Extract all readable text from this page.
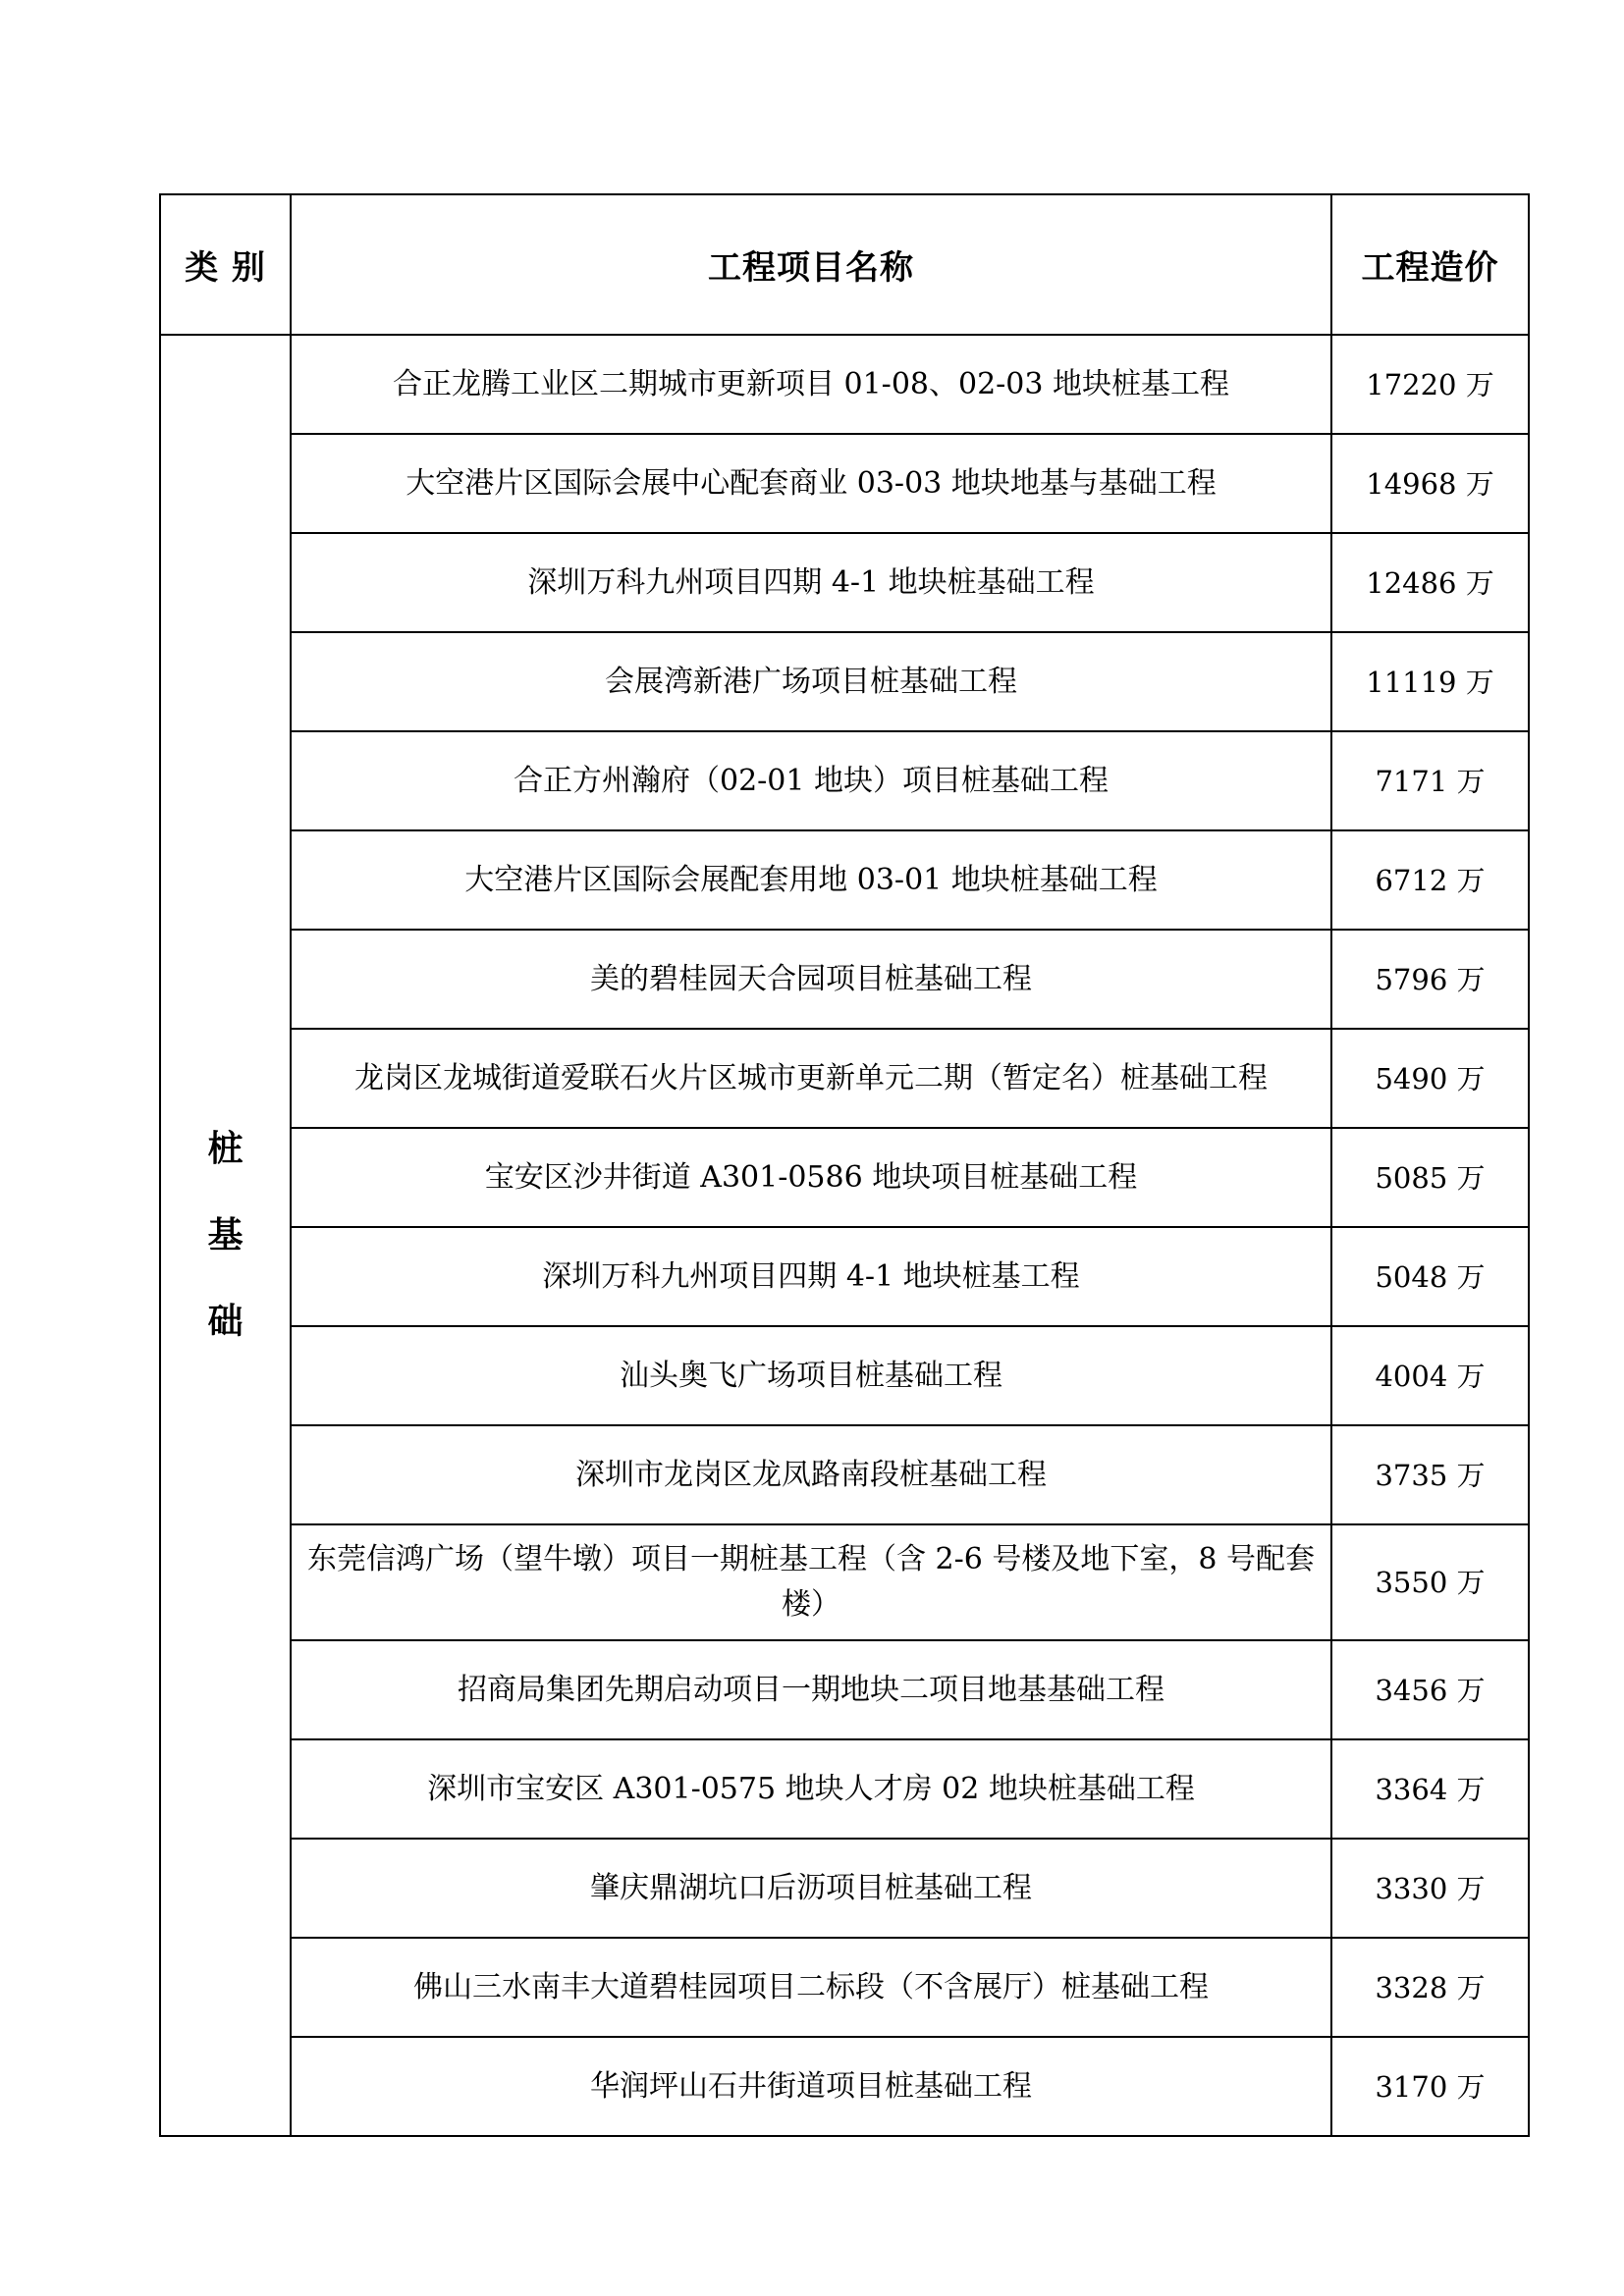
类 别	工程项目名称	工程造价

桩
基
础	合正龙腾工业区二期城市更新项目 01-08、02-03 地块桩基工程	17220 万
	大空港片区国际会展中心配套商业 03-03 地块地基与基础工程	14968 万
	深圳万科九州项目四期 4-1 地块桩基础工程	12486 万
	会展湾新港广场项目桩基础工程	11119 万
	合正方州瀚府（02-01 地块）项目桩基础工程	7171 万
	大空港片区国际会展配套用地 03-01 地块桩基础工程	6712 万
	美的碧桂园天合园项目桩基础工程	5796 万
	龙岗区龙城街道爱联石火片区城市更新单元二期（暂定名）桩基础工程	5490 万
	宝安区沙井街道 A301-0586 地块项目桩基础工程	5085 万
	深圳万科九州项目四期 4-1 地块桩基工程	5048 万
	汕头奥飞广场项目桩基础工程	4004 万
	深圳市龙岗区龙凤路南段桩基础工程	3735 万
	东莞信鸿广场（望牛墩）项目一期桩基工程（含 2-6 号楼及地下室，8 号配套楼）	3550 万
	招商局集团先期启动项目一期地块二项目地基基础工程	3456 万
	深圳市宝安区 A301-0575 地块人才房 02 地块桩基础工程	3364 万
	肇庆鼎湖坑口后沥项目桩基础工程	3330 万
	佛山三水南丰大道碧桂园项目二标段（不含展厅）桩基础工程	3328 万
	华润坪山石井街道项目桩基础工程	3170 万
